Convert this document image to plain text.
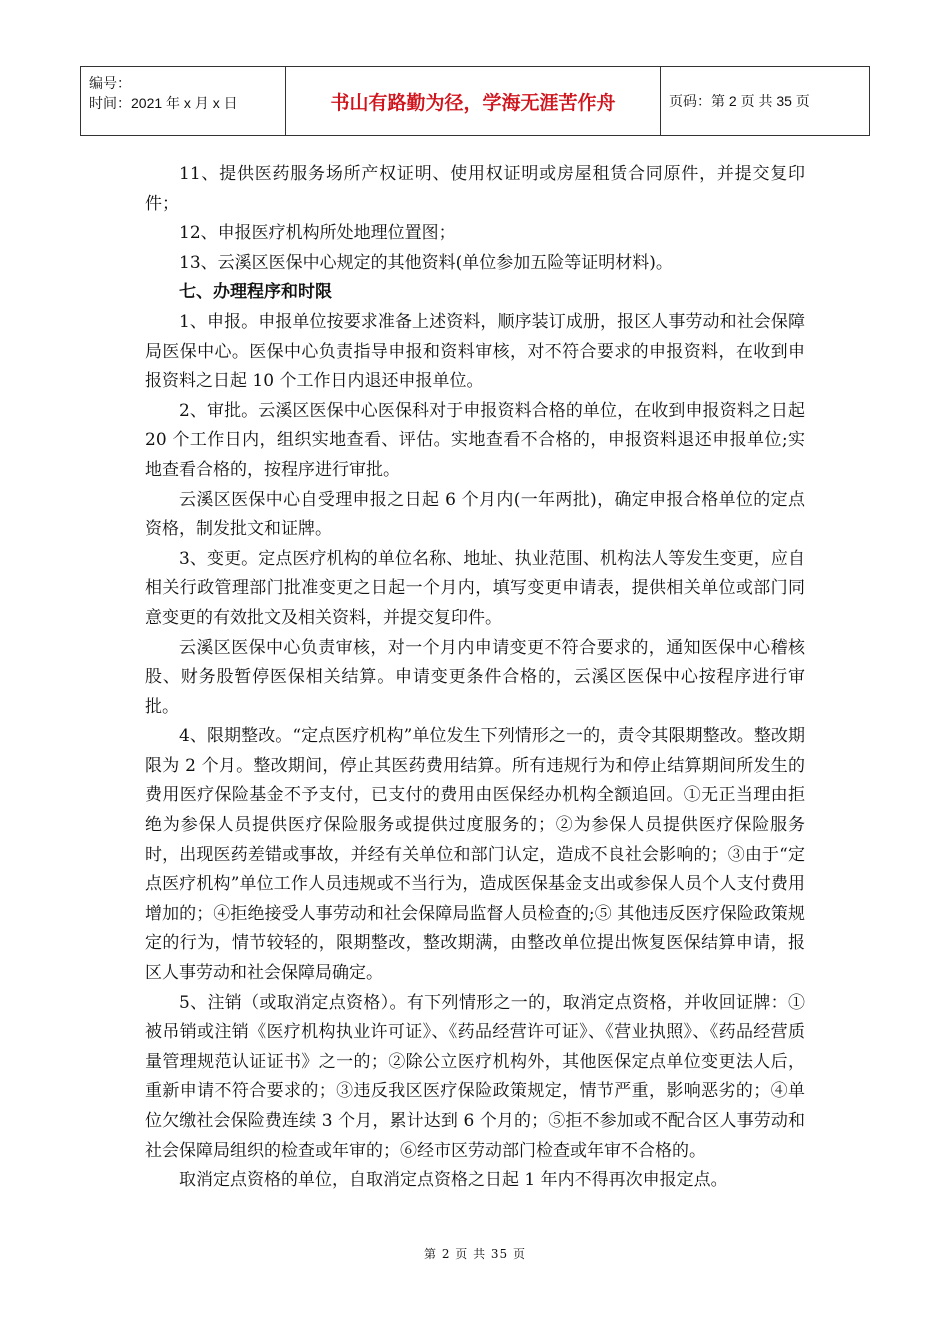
编号：
时间：2021 年 x 月 x 日	书山有路勤为径，学海无涯苦作舟	页码：第 2 页 共 35 页

11、提供医药服务场所产权证明、使用权证明或房屋租赁合同原件，并提交复印件；

12、申报医疗机构所处地理位置图；

13、云溪区医保中心规定的其他资料(单位参加五险等证明材料)。

七、办理程序和时限

1、申报。申报单位按要求准备上述资料，顺序装订成册，报区人事劳动和社会保障局医保中心。医保中心负责指导申报和资料审核，对不符合要求的申报资料，在收到申报资料之日起 10 个工作日内退还申报单位。

2、审批。云溪区医保中心医保科对于申报资料合格的单位，在收到申报资料之日起 20 个工作日内，组织实地查看、评估。实地查看不合格的，申报资料退还申报单位;实地查看合格的，按程序进行审批。

云溪区医保中心自受理申报之日起 6 个月内(一年两批)，确定申报合格单位的定点资格，制发批文和证牌。

3、变更。定点医疗机构的单位名称、地址、执业范围、机构法人等发生变更，应自相关行政管理部门批准变更之日起一个月内，填写变更申请表，提供相关单位或部门同意变更的有效批文及相关资料，并提交复印件。

云溪区医保中心负责审核，对一个月内申请变更不符合要求的，通知医保中心稽核股、财务股暂停医保相关结算。申请变更条件合格的，云溪区医保中心按程序进行审批。

4、限期整改。“定点医疗机构”单位发生下列情形之一的，责令其限期整改。整改期限为 2 个月。整改期间，停止其医药费用结算。所有违规行为和停止结算期间所发生的费用医疗保险基金不予支付，已支付的费用由医保经办机构全额追回。①无正当理由拒绝为参保人员提供医疗保险服务或提供过度服务的；②为参保人员提供医疗保险服务时，出现医药差错或事故，并经有关单位和部门认定，造成不良社会影响的；③由于“定点医疗机构”单位工作人员违规或不当行为，造成医保基金支出或参保人员个人支付费用增加的；④拒绝接受人事劳动和社会保障局监督人员检查的;⑤ 其他违反医疗保险政策规定的行为，情节较轻的，限期整改，整改期满，由整改单位提出恢复医保结算申请，报区人事劳动和社会保障局确定。

5、注销（或取消定点资格）。有下列情形之一的，取消定点资格，并收回证牌：①被吊销或注销《医疗机构执业许可证》、《药品经营许可证》、《营业执照》、《药品经营质量管理规范认证证书》之一的；②除公立医疗机构外，其他医保定点单位变更法人后，重新申请不符合要求的；③违反我区医疗保险政策规定，情节严重，影响恶劣的；④单位欠缴社会保险费连续 3 个月，累计达到 6 个月的；⑤拒不参加或不配合区人事劳动和社会保障局组织的检查或年审的；⑥经市区劳动部门检查或年审不合格的。

取消定点资格的单位，自取消定点资格之日起 1 年内不得再次申报定点。

第 2 页 共 35 页
